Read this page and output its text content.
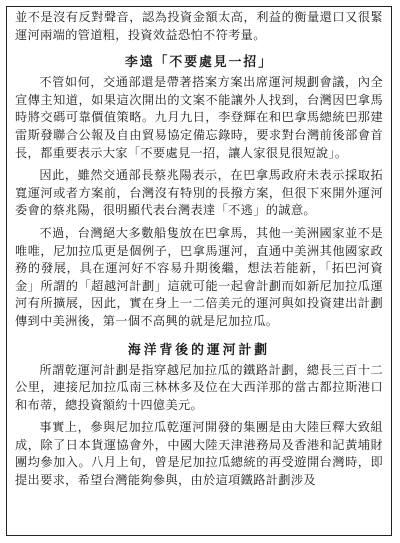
並不是沒有反對聲音，認為投資金額太高，利益的衡量還口又很緊運河兩端的管道粗，投資效益恐怕不符考量。

李遠「不要處見一招」

不管如何，交通部還是帶著搭案方案出席運河規劃會議，內全宣傳主知道，如果這次開出的文案不能讓外人找到，台灣因巴拿馬時將交碼可靠價值策略。九月九日，李登輝在和巴拿馬總統巴那建雷斯發聯合公報及自由貿易協定備忘錄時，要求對台灣前後部會首長，都重要表示大家「不要處見一招，讓人家很見很短說」。

因此，雖然交通部長蔡兆陽表示，在巴拿馬政府未表示採取拓寬運河或者方案前，台灣沒有特別的長撥方案，但很下來開外運河委會的蔡兆陽，很明顯代表台灣表達「不逃」的誠意。

不過，台灣絕大多數船隻放在巴拿馬，其他一美洲國家並不是唯唯，尼加拉瓜更是個例子，巴拿馬運河，直通中美洲其他國家政務的發展，具在運河好不容易升期後繼，想法若能新，「拓巴河資金」所謂的「超越河計劃」這就可能一起會計劃而如新尼加拉瓜運河有所擴展，因此，實在身上一二倍美元的運河與如投資建出計劃傳到中美洲後，第一個不高興的就是尼加拉瓜。

海洋背後的運河計劃

所謂乾運河計劃是指穿越尼加拉瓜的鐵路計劃，總長三百十二公里，連接尼加拉瓜南三林林多及位在大西洋那的當古都拉斯港口和布蒂，總投資額約十四億美元。

事實上，參與尼加拉瓜乾運河開發的集團是由大陸巨釋大致組成，除了日本貨運協會外，中國大陸天津港務局及香港和記黃埔財團均參加入。八月上旬，曾是尼加拉瓜總統的再受遊開台灣時，即提出要求，希望台灣能夠參與，由於這項鐵路計劃涉及
